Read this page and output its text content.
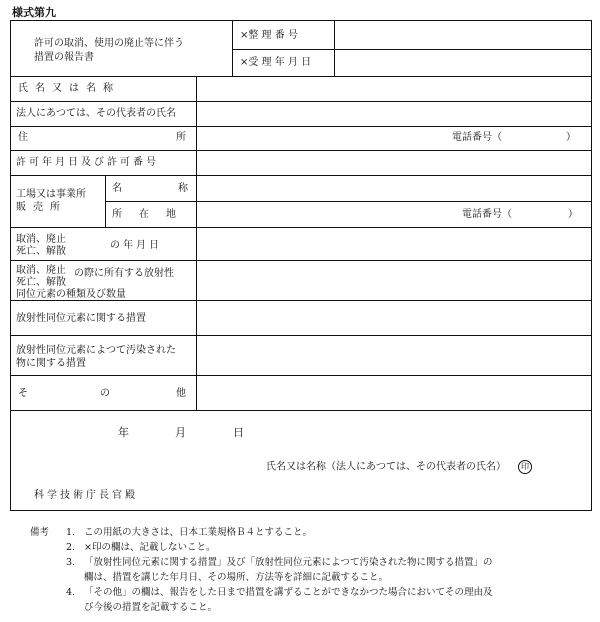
様式第九
許可の取消、使用の廃止等に伴う
措置の報告書
×整 理 番 号
×受 理 年 月 日
氏名又は名称
法人にあつては、その代表者の氏名
住	所	電話番号（	）
許可年月日及び許可番号
工場又は事業所
販売所
名	称
所在地	電話番号（	）
取消、廃止
死亡、解散
の年月日
取消、廃止 の際に所有する放射性
死亡、解散
同位元素の種類及び数量
放射性同位元素に関する措置
放射性同位元素によつて汚染された
物に関する措置
そ	の	他
年	月	日
氏名又は名称（法人にあつては、その代表者の氏名） 印
科学技術庁長官殿
備考 1. この用紙の大きさは、日本工業規格Ｂ４とすること。
2. ×印の欄は、記載しないこと。
3. 「放射性同位元素に関する措置」及び「放射性同位元素によつて汚染された物に関する措置」の
欄は、措置を講じた年月日、その場所、方法等を詳細に記載すること。
4. 「その他」の欄は、報告をした日まで措置を講ずることができなかつた場合においてその理由及
び今後の措置を記載すること。
